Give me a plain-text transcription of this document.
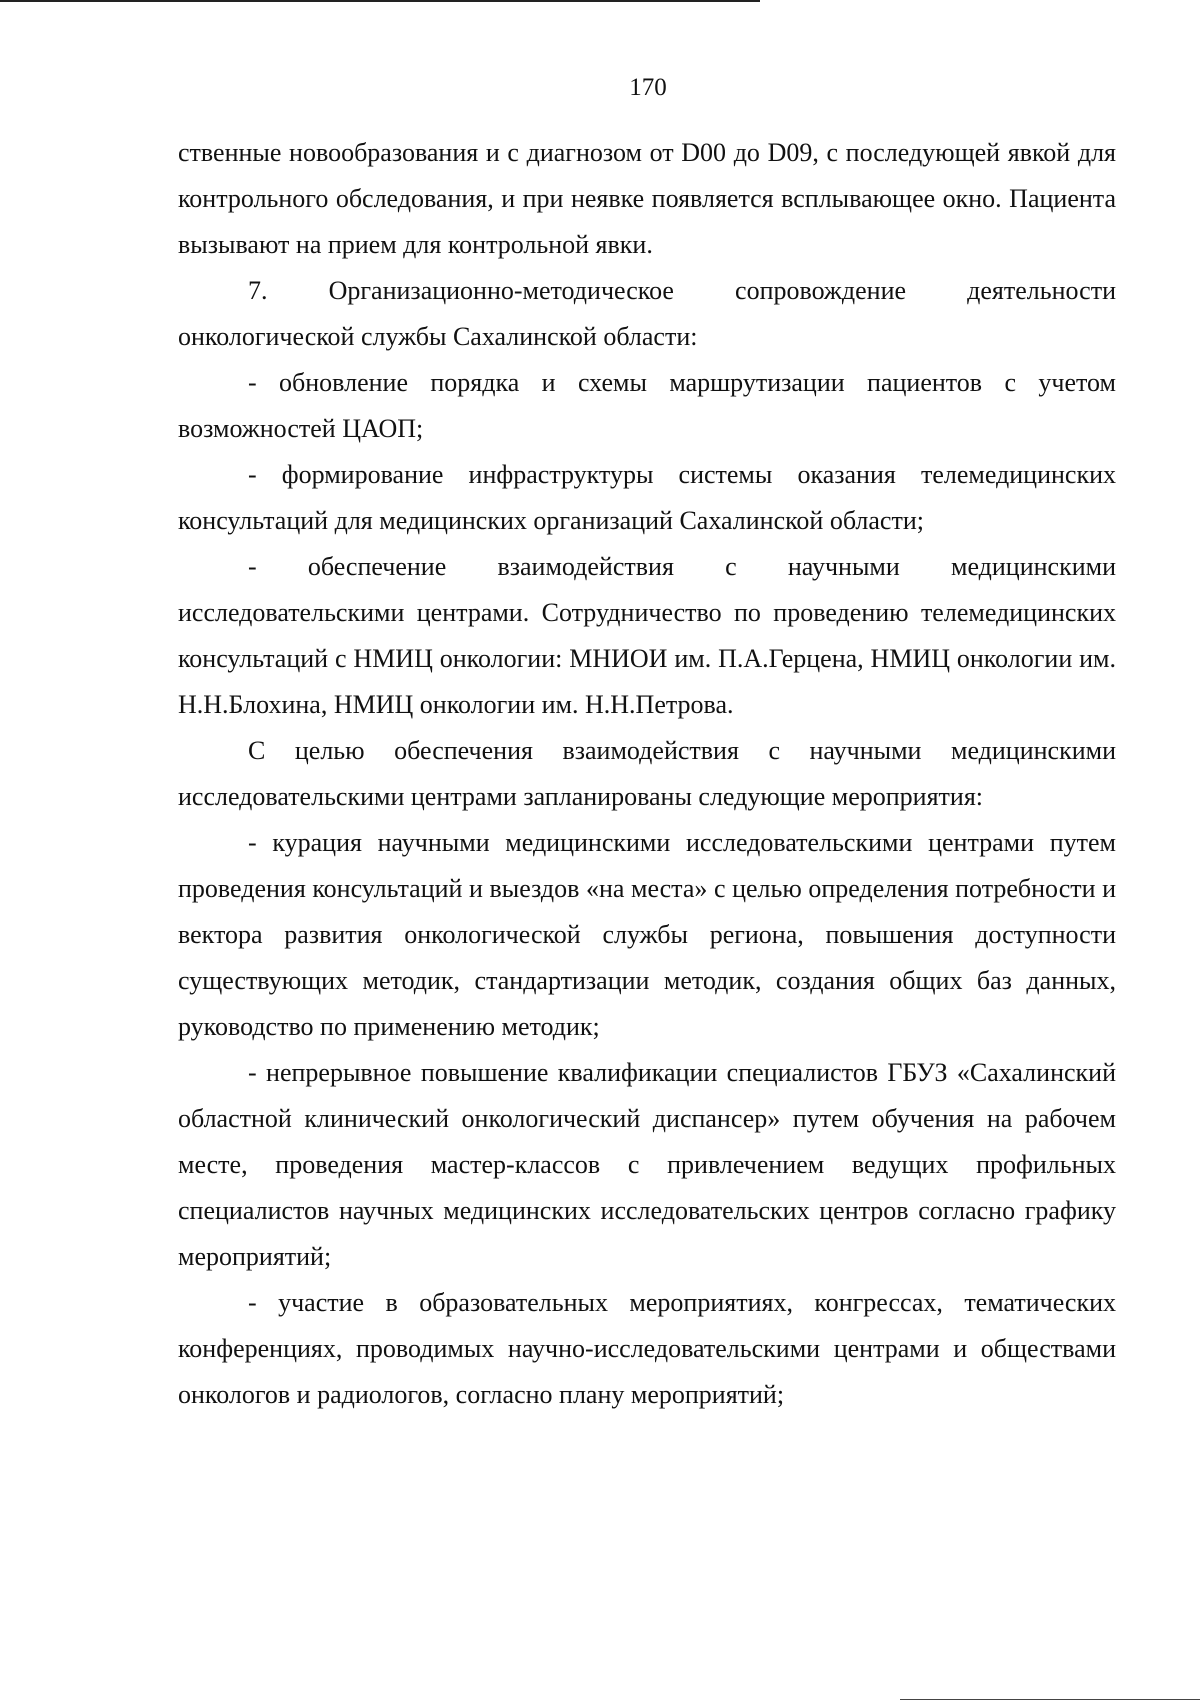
170

ственные новообразования и с диагнозом от D00 до D09, с последующей явкой для контрольного обследования, и при неявке появляется всплывающее окно. Пациента вызывают на прием для контрольной явки.

7. Организационно-методическое сопровождение деятельности онкологической службы Сахалинской области:

- обновление порядка и схемы маршрутизации пациентов с учетом возможностей ЦАОП;

- формирование инфраструктуры системы оказания телемедицинских консультаций для медицинских организаций Сахалинской области;

- обеспечение взаимодействия с научными медицинскими исследовательскими центрами. Сотрудничество по проведению телемедицинских консультаций с НМИЦ онкологии: МНИОИ им. П.А.Герцена, НМИЦ онкологии им. Н.Н.Блохина, НМИЦ онкологии им. Н.Н.Петрова.

С целью обеспечения взаимодействия с научными медицинскими исследовательскими центрами запланированы следующие мероприятия:

- курация научными медицинскими исследовательскими центрами путем проведения консультаций и выездов «на места» с целью определения потребности и вектора развития онкологической службы региона, повышения доступности существующих методик, стандартизации методик, создания общих баз данных, руководство по применению методик;

- непрерывное повышение квалификации специалистов ГБУЗ «Сахалинский областной клинический онкологический диспансер» путем обучения на рабочем месте, проведения мастер-классов с привлечением ведущих профильных специалистов научных медицинских исследовательских центров согласно графику мероприятий;

- участие в образовательных мероприятиях, конгрессах, тематических конференциях, проводимых научно-исследовательскими центрами и обществами онкологов и радиологов, согласно плану мероприятий;
